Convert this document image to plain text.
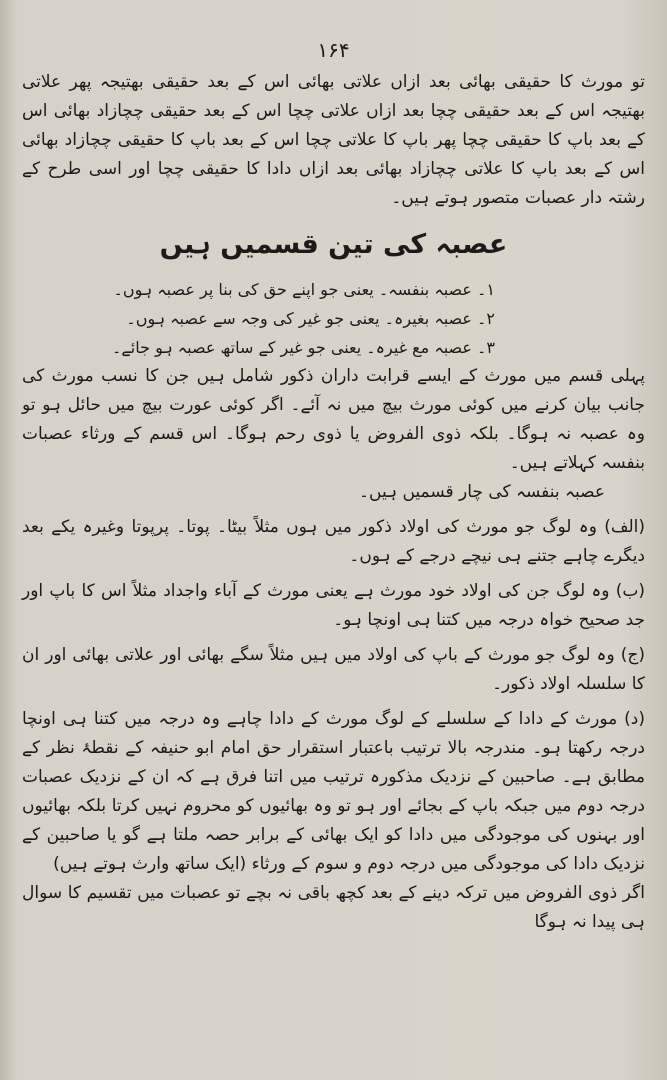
۱۶۴

تو مورث کا حقیقی بھائی بعد ازاں علاتی بھائی اس کے بعد حقیقی بھتیجہ پھر علاتی بھتیجہ اس کے بعد حقیقی چچا بعد ازاں علاتی چچا اس کے بعد حقیقی چچازاد بھائی اس کے بعد باپ کا حقیقی چچا پھر باپ کا علاتی چچا اس کے بعد باپ کا حقیقی چچازاد بھائی اس کے بعد باپ کا علاتی چچازاد بھائی بعد ازاں دادا کا حقیقی چچا اور اسی طرح کے رشتہ دار عصبات متصور ہوتے ہیں۔

عصبہ کی تین قسمیں ہیں

۱۔ عصبہ بنفسہ۔ یعنی جو اپنے حق کی بنا پر عصبہ ہوں۔

۲۔ عصبہ بغیرہ۔ یعنی جو غیر کی وجہ سے عصبہ ہوں۔

۳۔ عصبہ مع غیرہ۔ یعنی جو غیر کے ساتھ عصبہ ہو جائے۔

پہلی قسم میں مورث کے ایسے قرابت داران ذکور شامل ہیں جن کا نسب مورث کی جانب بیان کرنے میں کوئی مورث بیچ میں نہ آئے۔ اگر کوئی عورت بیچ میں حائل ہو تو وہ عصبہ نہ ہوگا۔ بلکہ ذوی الفروض یا ذوی رحم ہوگا۔ اس قسم کے ورثاء عصبات بنفسہ کہلاتے ہیں۔

عصبہ بنفسہ کی چار قسمیں ہیں۔

(الف) وہ لوگ جو مورث کی اولاد ذکور میں ہوں مثلاً بیٹا۔ پوتا۔ پرپوتا وغیرہ یکے بعد دیگرے چاہے جتنے ہی نیچے درجے کے ہوں۔

(ب) وہ لوگ جن کی اولاد خود مورث ہے یعنی مورث کے آباء واجداد مثلاً اس کا باپ اور جد صحیح خواہ درجہ میں کتنا ہی اونچا ہو۔

(ج) وہ لوگ جو مورث کے باپ کی اولاد میں ہیں مثلاً سگے بھائی اور علاتی بھائی اور ان کا سلسلہ اولاد ذکور۔

(د) مورث کے دادا کے سلسلے کے لوگ مورث کے دادا چاہے وہ درجہ میں کتنا ہی اونچا درجہ رکھتا ہو۔ مندرجہ بالا ترتیب باعتبار استقرار حق امام ابو حنیفہ کے نقطۂ نظر کے مطابق ہے۔ صاحبین کے نزدیک مذکورہ ترتیب میں اتنا فرق ہے کہ ان کے نزدیک عصبات درجہ دوم میں جبکہ باپ کے بجائے اور ہو تو وہ بھائیوں کو محروم نہیں کرتا بلکہ بھائیوں اور بہنوں کی موجودگی میں دادا کو ایک بھائی کے برابر حصہ ملتا ہے گو یا صاحبین کے نزدیک دادا کی موجودگی میں درجہ دوم و سوم کے ورثاء (ایک ساتھ وارث ہوتے ہیں)

اگر ذوی الفروض میں ترکہ دینے کے بعد کچھ باقی نہ بچے تو عصبات میں تقسیم کا سوال ہی پیدا نہ ہوگا
